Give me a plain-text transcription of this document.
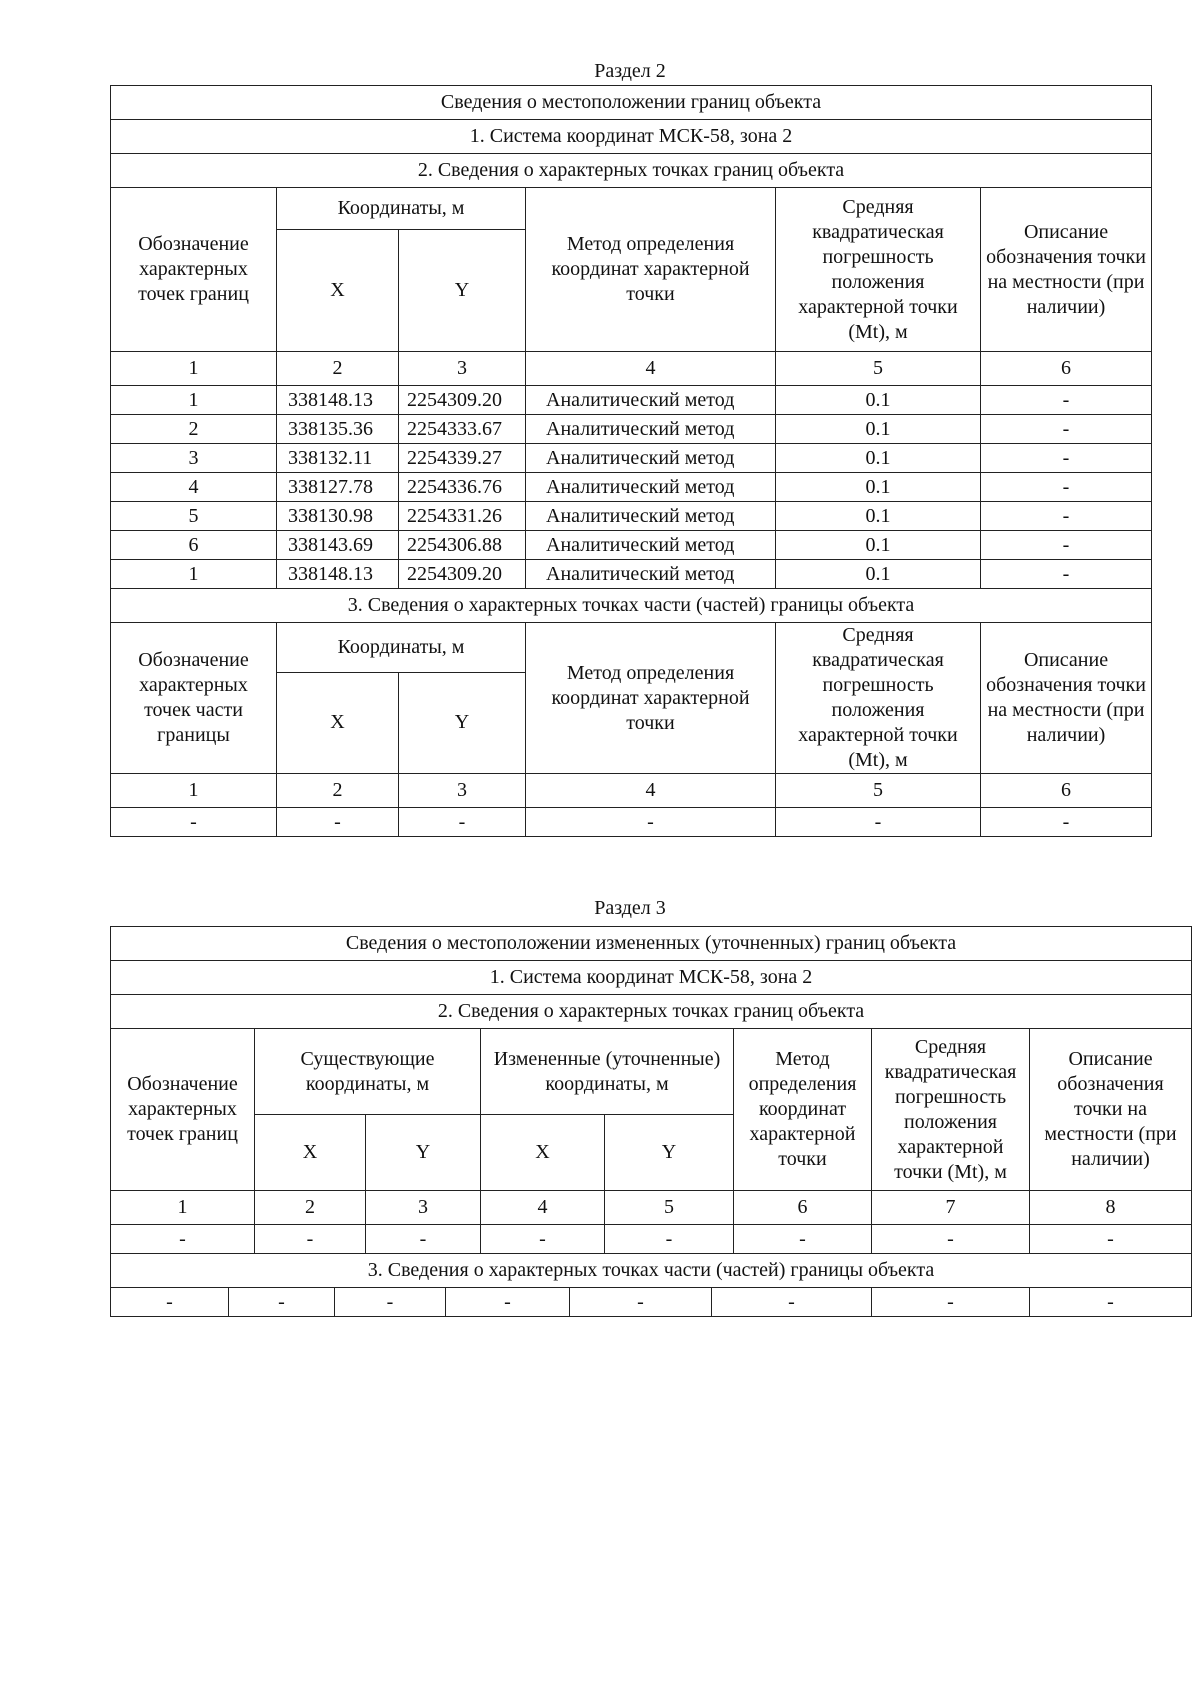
Раздел 2
Сведения о местоположении границ объекта					
1. Система координат МСК-58, зона 2					
2. Сведения о характерных точках границ объекта					
Обозначение характерных точек границ	Координаты, м		Метод определения координат характерной точки	Средняя квадратическая погрешность положения характерной точки (Mt), м	Описание обозначения точки на местности (при наличии)
	X	Y			
1	2	3	4	5	6
1	338148.13	2254309.20	Аналитический метод	0.1	-
2	338135.36	2254333.67	Аналитический метод	0.1	-
3	338132.11	2254339.27	Аналитический метод	0.1	-
4	338127.78	2254336.76	Аналитический метод	0.1	-
5	338130.98	2254331.26	Аналитический метод	0.1	-
6	338143.69	2254306.88	Аналитический метод	0.1	-
1	338148.13	2254309.20	Аналитический метод	0.1	-
3. Сведения о характерных точках части (частей) границы объекта					
Обозначение характерных точек части границы	Координаты, м		Метод определения координат характерной точки	Средняя квадратическая погрешность положения характерной точки (Mt), м	Описание обозначения точки на местности (при наличии)
	X	Y			
1	2	3	4	5	6
-	-	-	-	-	-
Раздел 3
Сведения о местоположении измененных (уточненных) границ объекта													
1. Система координат МСК-58, зона 2													
2. Сведения о характерных точках границ объекта													
Обозначение характерных точек границ		Существующие координаты, м				Измененные (уточненные) координаты, м				Метод определения координат характерной точки	Средняя квадратическая погрешность положения характерной точки (Mt), м	Описание обозначения точки на местности (при наличии)	
		X		Y		X		Y					
1		2		3		4		5		6	7	8	
-		-		-		-		-		-	-	-	
3. Сведения о характерных точках части (частей) границы объекта													
-	-		-		-		-		-		-	-	
